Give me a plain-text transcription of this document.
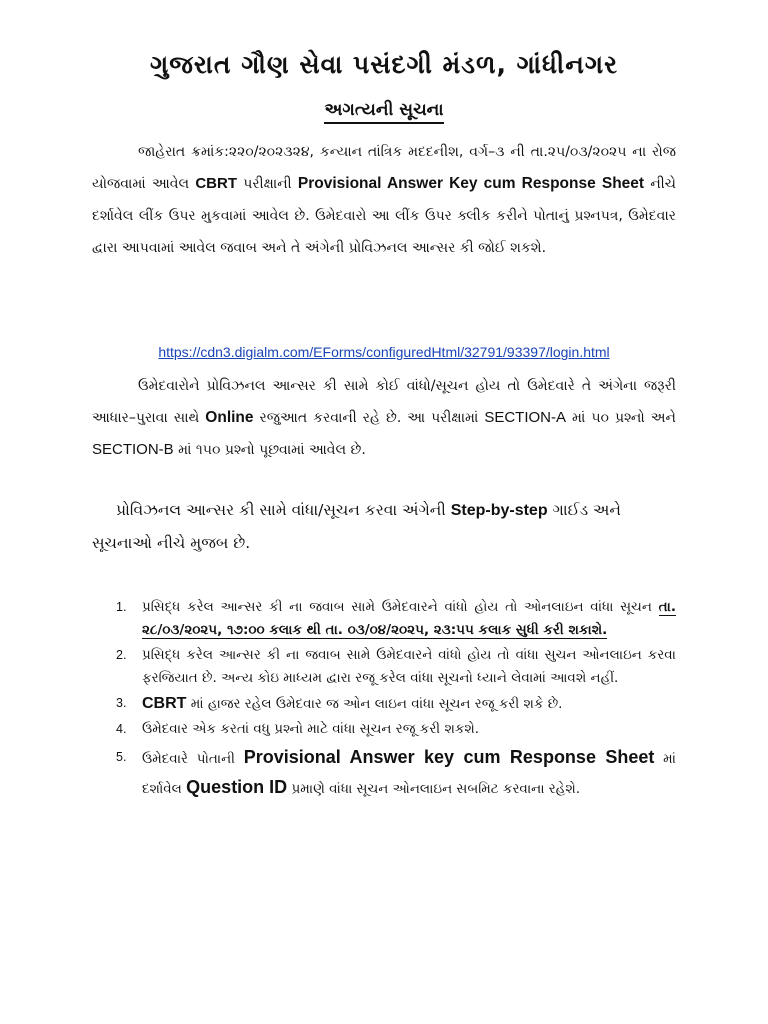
ગુજરાત ગૌણ સેવા પસંદગી મંડળ, ગાંધીનગર
અગત્યની સૂચના
જાહેરાત ક્રમાંક:૨૨૦/૨૦૨૩૨૪, કન્યાન તાંત્રિક મદદનીશ, વર્ગ–૩ ની તા.૨૫/૦૩/૨૦૨૫ ના રોજ યોજવામાં આવેલ CBRT પરીક્ષાની Provisional Answer Key cum Response Sheet નીચે દર્શાવેલ લીંક ઉપર મુકવામાં આવેલ છે. ઉમેદવારો આ લીંક ઉપર ક્લીક કરીને પોતાનું પ્રશ્નપત્ર, ઉમેદવાર દ્વારા આપવામાં આવેલ જવાબ અને તે અંગેની પ્રોવિઝનલ આન્સર કી જોઈ શકશે.
https://cdn3.digialm.com/EForms/configuredHtml/32791/93397/login.html
ઉમેદવારોને પ્રોવિઝનલ આન્સર કી સામે કોઈ વાંધો/સૂચન હોય તો ઉમેદવારે તે અંગેના જરૂરી આધાર–પુરાવા સાથે Online રજુઆત કરવાની રહે છે. આ પરીક્ષામાં SECTION-A માં ૫૦ પ્રશ્નો અને SECTION-B માં ૧૫૦ પ્રશ્નો પૂછવામાં આવેલ છે.
પ્રોવિઝનલ આન્સર કી સામે વાંધા/સૂચન કરવા અંગેની Step-by-step ગાઈડ અને સૂચનાઓ નીચે મુજબ છે.
1. પ્રસિદ્ધ કરેલ આન્સર કી ના જવાબ સામે ઉમેદવારને વાંધો હોય તો ઓનલાઇન વાંધા સૂચન તા. ૨૮/૦૩/૨૦૨૫, ૧૭:૦૦ કલાક થી તા. ૦૩/૦૪/૨૦૨૫, ૨૩:૫૫ કલાક સુધી કરી શકાશે.
2. પ્રસિદ્ધ કરેલ આન્સર કી ના જવાબ સામે ઉમેદવારને વાંધો હોય તો વાંધા સુચન ઓનલાઇન કરવા ફરજિયાત છે. અન્ય કોઇ માધ્યમ દ્વારા રજૂ કરેલ વાંધા સૂચનો ધ્યાને લેવામાં આવશે નહીં.
3. CBRT માં હાજર રહેલ ઉમેદવાર જ ઓન લાઇન વાંધા સૂચન રજૂ કરી શકે છે.
4. ઉમેદવાર એક કરતાં વધુ પ્રશ્નો માટે વાંધા સૂચન રજૂ કરી શકશે.
5. ઉમેદવારે પોતાની Provisional Answer key cum Response Sheet માં દર્શાવેલ Question ID પ્રમાણે વાંધા સૂચન ઓનલાઇન સબમિટ કરવાના રહેશે.
